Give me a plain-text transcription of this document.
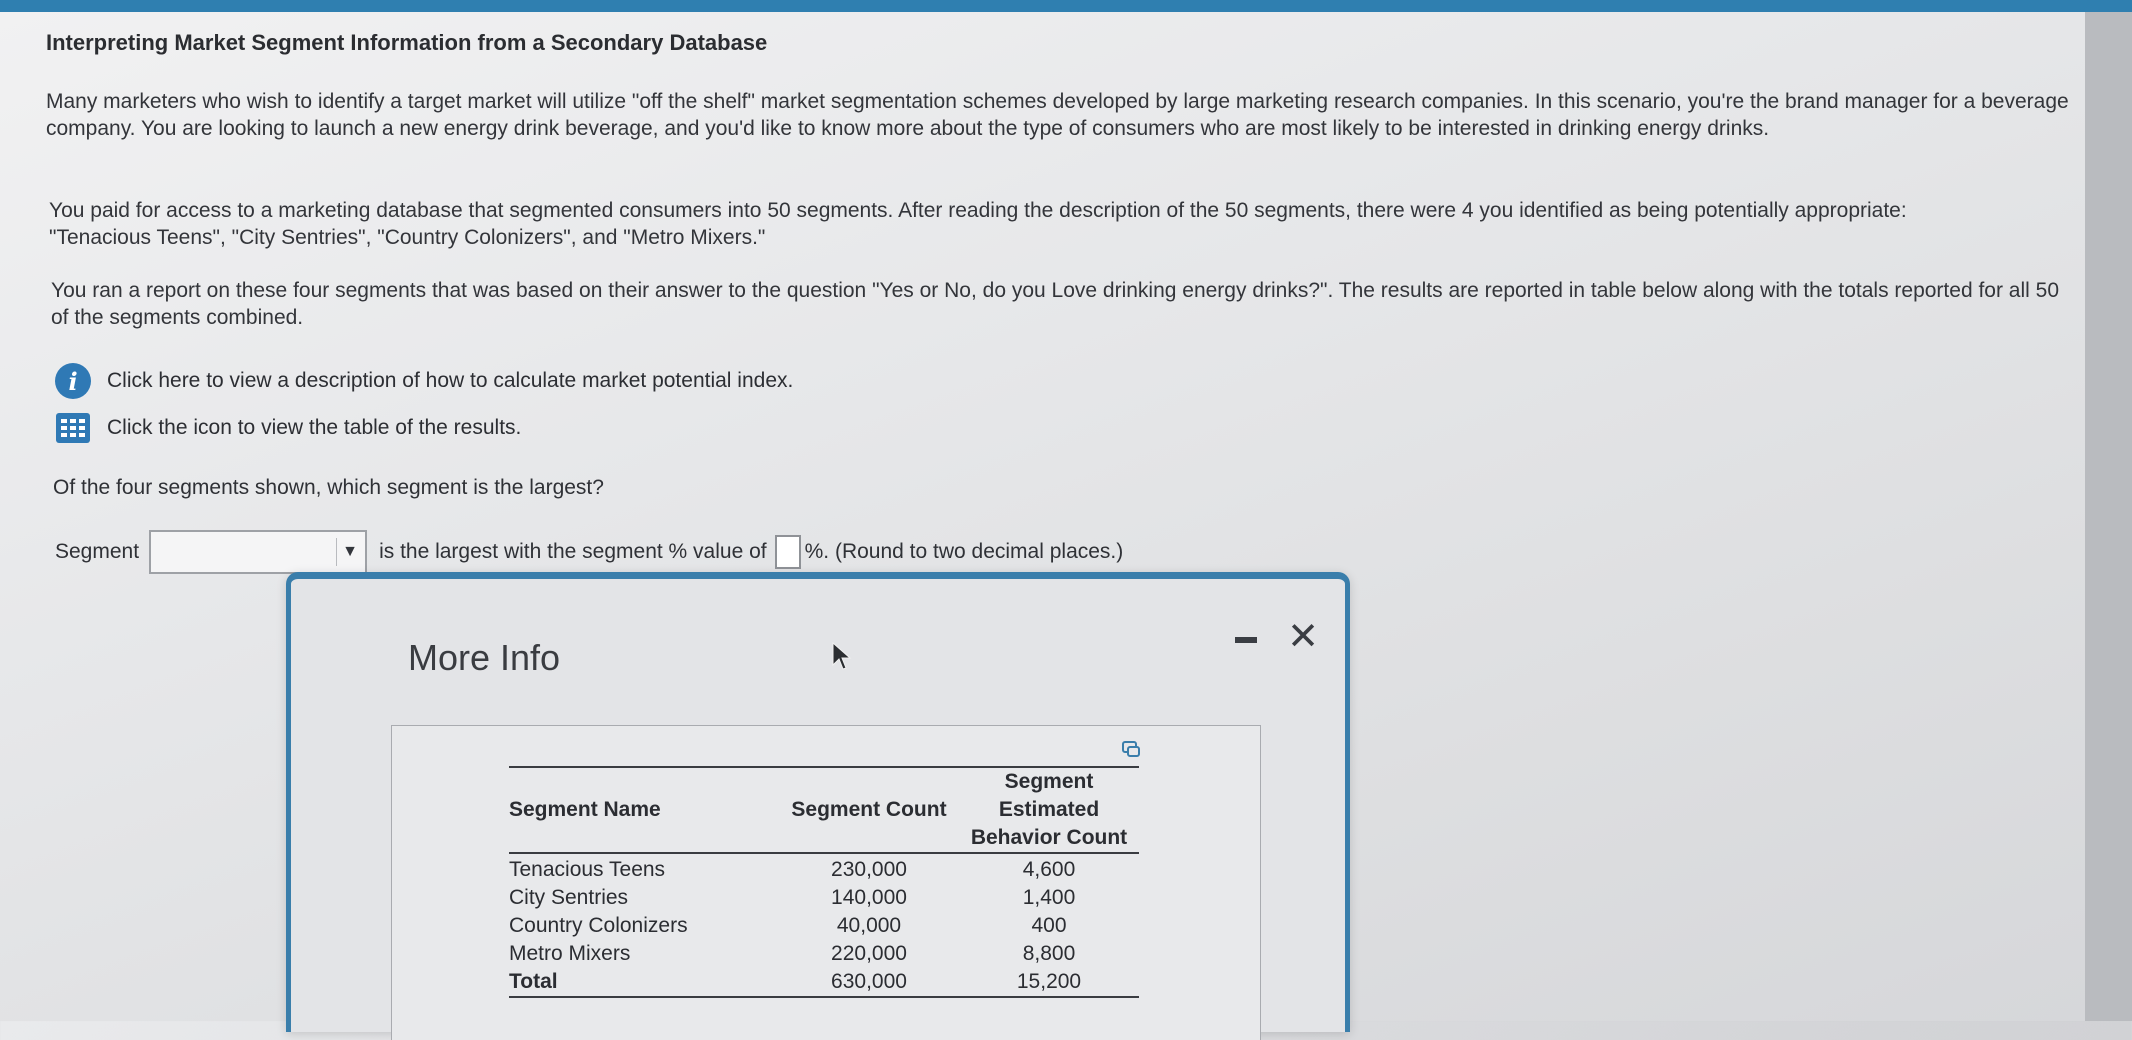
Interpreting Market Segment Information from a Secondary Database
Many marketers who wish to identify a target market will utilize "off the shelf" market segmentation schemes developed by large marketing research companies. In this scenario, you're the brand manager for a beverage company. You are looking to launch a new energy drink beverage, and you'd like to know more about the type of consumers who are most likely to be interested in drinking energy drinks.
You paid for access to a marketing database that segmented consumers into 50 segments. After reading the description of the 50 segments, there were 4 you identified as being potentially appropriate: "Tenacious Teens", "City Sentries", "Country Colonizers", and "Metro Mixers."
You ran a report on these four segments that was based on their answer to the question "Yes or No, do you Love drinking energy drinks?". The results are reported in table below along with the totals reported for all 50 of the segments combined.
i	Click here to view a description of how to calculate market potential index.
Click the icon to view the table of the results.
Of the four segments shown, which segment is the largest?
Segment	▼ is the largest with the segment % value of %. (Round to two decimal places.)
More Info	✕
Segment Name	Segment Count	Segment
Estimated
Behavior Count

Tenacious Teens	230,000	4,600
City Sentries	140,000	1,400
Country Colonizers	40,000	400
Metro Mixers	220,000	8,800
Total	630,000	15,200
